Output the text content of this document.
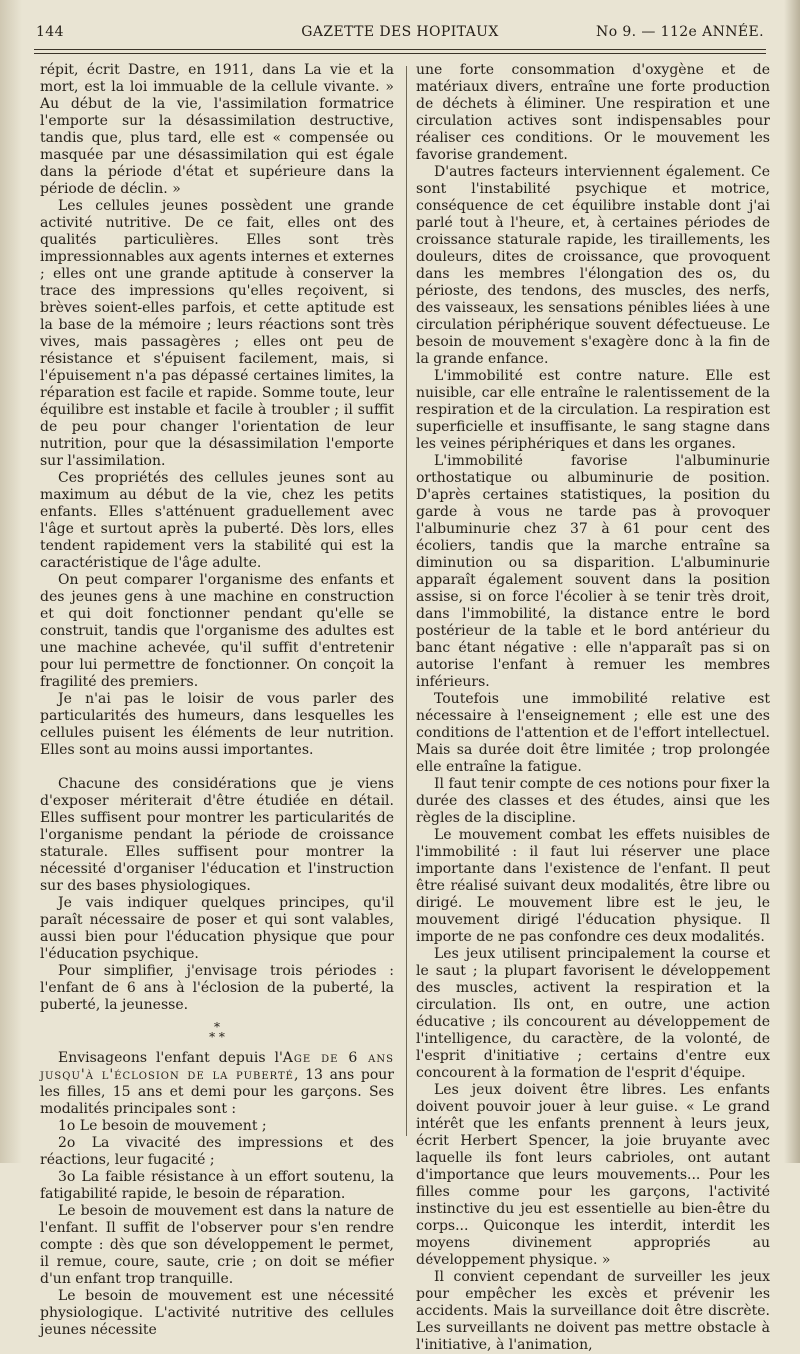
144	GAZETTE DES HOPITAUX	No 9. — 112e ANNÉE.

répit, écrit Dastre, en 1911, dans La vie et la mort, est la loi immuable de la cellule vivante. » Au début de la vie, l'assimilation formatrice l'emporte sur la désassimilation destructive, tandis que, plus tard, elle est « compensée ou masquée par une désassimilation qui est égale dans la période d'état et supérieure dans la période de déclin. »

Les cellules jeunes possèdent une grande activité nutritive. De ce fait, elles ont des qualités particulières. Elles sont très impressionnables aux agents internes et externes ; elles ont une grande aptitude à conserver la trace des impressions qu'elles reçoivent, si brèves soient-elles parfois, et cette aptitude est la base de la mémoire ; leurs réactions sont très vives, mais passagères ; elles ont peu de résistance et s'épuisent facilement, mais, si l'épuisement n'a pas dépassé certaines limites, la réparation est facile et rapide. Somme toute, leur équilibre est instable et facile à troubler ; il suffit de peu pour changer l'orientation de leur nutrition, pour que la désassimilation l'emporte sur l'assimilation.

Ces propriétés des cellules jeunes sont au maximum au début de la vie, chez les petits enfants. Elles s'atténuent graduellement avec l'âge et surtout après la puberté. Dès lors, elles tendent rapidement vers la stabilité qui est la caractéristique de l'âge adulte.

On peut comparer l'organisme des enfants et des jeunes gens à une machine en construction et qui doit fonctionner pendant qu'elle se construit, tandis que l'organisme des adultes est une machine achevée, qu'il suffit d'entretenir pour lui permettre de fonctionner. On conçoit la fragilité des premiers.

Je n'ai pas le loisir de vous parler des particularités des humeurs, dans lesquelles les cellules puisent les éléments de leur nutrition. Elles sont au moins aussi importantes.

Chacune des considérations que je viens d'exposer mériterait d'être étudiée en détail. Elles suffisent pour montrer les particularités de l'organisme pendant la période de croissance staturale. Elles suffisent pour montrer la nécessité d'organiser l'éducation et l'instruction sur des bases physiologiques.

Je vais indiquer quelques principes, qu'il paraît nécessaire de poser et qui sont valables, aussi bien pour l'éducation physique que pour l'éducation psychique.

Pour simplifier, j'envisage trois périodes : l'enfant de 6 ans à l'éclosion de la puberté, la puberté, la jeunesse.

*
* *

Envisageons l'enfant depuis l'Age de 6 ans jusqu'à l'éclosion de la puberté, 13 ans pour les filles, 15 ans et demi pour les garçons. Ses modalités principales sont :

1o Le besoin de mouvement ;

2o La vivacité des impressions et des réactions, leur fugacité ;

3o La faible résistance à un effort soutenu, la fatigabilité rapide, le besoin de réparation.

Le besoin de mouvement est dans la nature de l'enfant. Il suffit de l'observer pour s'en rendre compte : dès que son développement le permet, il remue, coure, saute, crie ; on doit se méfier d'un enfant trop tranquille.

Le besoin de mouvement est une nécessité physiologique. L'activité nutritive des cellules jeunes nécessite

une forte consommation d'oxygène et de matériaux divers, entraîne une forte production de déchets à éliminer. Une respiration et une circulation actives sont indispensables pour réaliser ces conditions. Or le mouvement les favorise grandement.

D'autres facteurs interviennent également. Ce sont l'instabilité psychique et motrice, conséquence de cet équilibre instable dont j'ai parlé tout à l'heure, et, à certaines périodes de croissance staturale rapide, les tiraillements, les douleurs, dites de croissance, que provoquent dans les membres l'élongation des os, du périoste, des tendons, des muscles, des nerfs, des vaisseaux, les sensations pénibles liées à une circulation périphérique souvent défectueuse. Le besoin de mouvement s'exagère donc à la fin de la grande enfance.

L'immobilité est contre nature. Elle est nuisible, car elle entraîne le ralentissement de la respiration et de la circulation. La respiration est superficielle et insuffisante, le sang stagne dans les veines périphériques et dans les organes.

L'immobilité favorise l'albuminurie orthostatique ou albuminurie de position. D'après certaines statistiques, la position du garde à vous ne tarde pas à provoquer l'albuminurie chez 37 à 61 pour cent des écoliers, tandis que la marche entraîne sa diminution ou sa disparition. L'albuminurie apparaît également souvent dans la position assise, si on force l'écolier à se tenir très droit, dans l'immobilité, la distance entre le bord postérieur de la table et le bord antérieur du banc étant négative : elle n'apparaît pas si on autorise l'enfant à remuer les membres inférieurs.

Toutefois une immobilité relative est nécessaire à l'enseignement ; elle est une des conditions de l'attention et de l'effort intellectuel. Mais sa durée doit être limitée ; trop prolongée elle entraîne la fatigue.

Il faut tenir compte de ces notions pour fixer la durée des classes et des études, ainsi que les règles de la discipline.

Le mouvement combat les effets nuisibles de l'immobilité : il faut lui réserver une place importante dans l'existence de l'enfant. Il peut être réalisé suivant deux modalités, être libre ou dirigé. Le mouvement libre est le jeu, le mouvement dirigé l'éducation physique. Il importe de ne pas confondre ces deux modalités.

Les jeux utilisent principalement la course et le saut ; la plupart favorisent le développement des muscles, activent la respiration et la circulation. Ils ont, en outre, une action éducative ; ils concourent au développement de l'intelligence, du caractère, de la volonté, de l'esprit d'initiative ; certains d'entre eux concourent à la formation de l'esprit d'équipe.

Les jeux doivent être libres. Les enfants doivent pouvoir jouer à leur guise. « Le grand intérêt que les enfants prennent à leurs jeux, écrit Herbert Spencer, la joie bruyante avec laquelle ils font leurs cabrioles, ont autant d'importance que leurs mouvements... Pour les filles comme pour les garçons, l'activité instinctive du jeu est essentielle au bien-être du corps... Quiconque les interdit, interdit les moyens divinement appropriés au développement physique. »

Il convient cependant de surveiller les jeux pour empêcher les excès et prévenir les accidents. Mais la surveillance doit être discrète. Les surveillants ne doivent pas mettre obstacle à l'initiative, à l'animation,
